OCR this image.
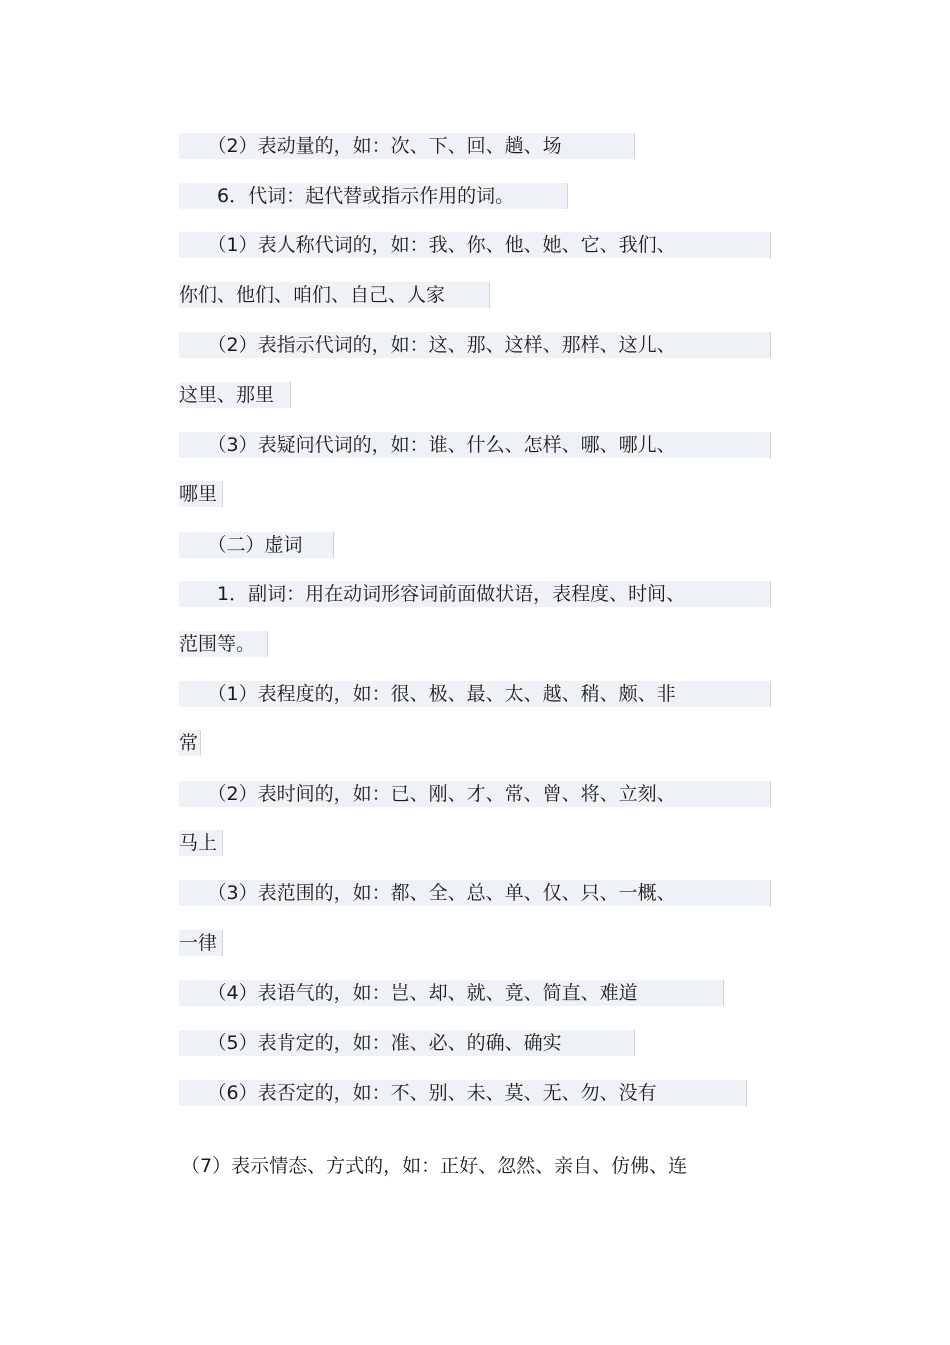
　　（2）表动量的，如：次、下、回、趟、场
　　6．代词：起代替或指示作用的词。
　　（1）表人称代词的，如：我、你、他、她、它、我们、
你们、他们、咱们、自己、人家
　　（2）表指示代词的，如：这、那、这样、那样、这儿、
这里、那里
　　（3）表疑问代词的，如：谁、什么、怎样、哪、哪儿、
哪里
　　（二）虚词
　　1．副词：用在动词形容词前面做状语，表程度、时间、
范围等。
　　（1）表程度的，如：很、极、最、太、越、稍、颇、非
常
　　（2）表时间的，如：已、刚、才、常、曾、将、立刻、
马上
　　（3）表范围的，如：都、全、总、单、仅、只、一概、
一律
　　（4）表语气的，如：岂、却、就、竟、简直、难道
　　（5）表肯定的，如：准、必、的确、确实
　　（6）表否定的，如：不、别、未、莫、无、勿、没有
（7）表示情态、方式的，如：正好、忽然、亲自、仿佛、连
